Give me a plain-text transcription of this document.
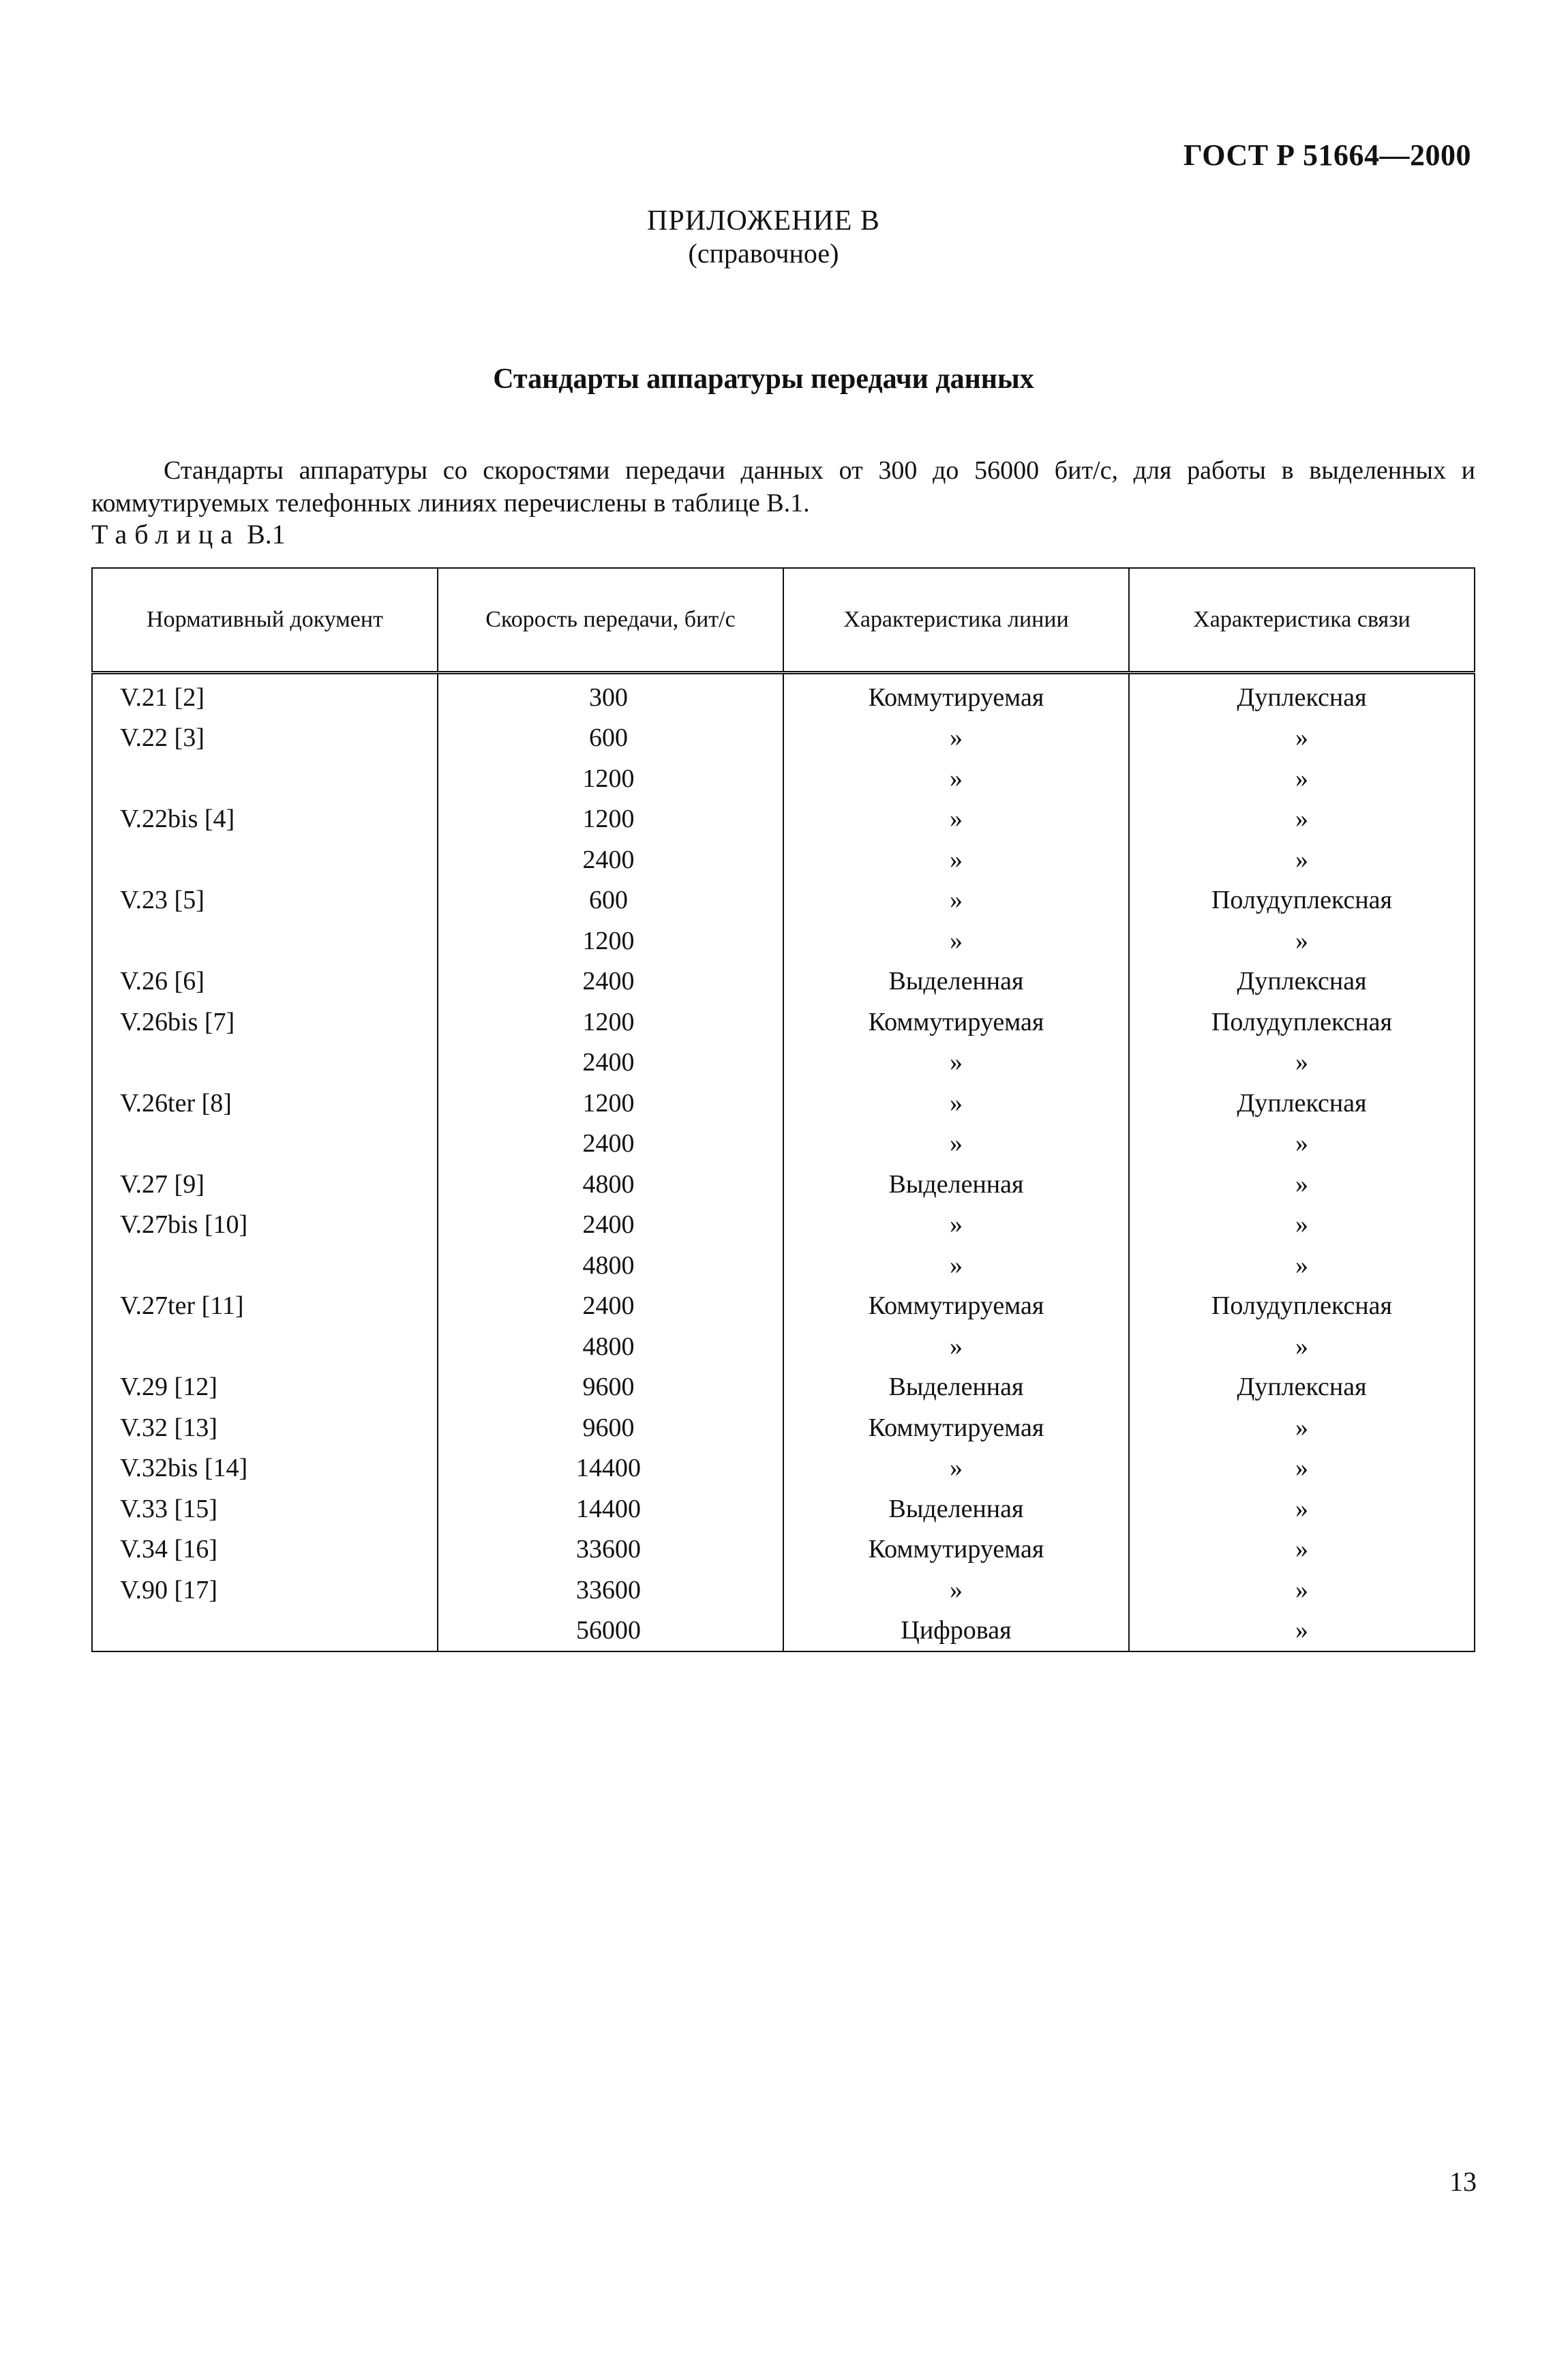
ГОСТ Р 51664—2000
ПРИЛОЖЕНИЕ В
(справочное)
Стандарты аппаратуры передачи данных

Стандарты аппаратуры со скоростями передачи данных от 300 до 56000 бит/с, для работы в выделенных и коммутируемых телефонных линиях перечислены в таблице В.1.

Таблица В.1
Нормативный документ	Скорость передачи, бит/с	Характеристика линии	Характеристика связи
V.21 [2]	300	Коммутируемая	Дуплексная
V.22 [3]	600	»	»
	1200	»	»
V.22bis [4]	1200	»	»
	2400	»	»
V.23 [5]	600	»	Полудуплексная
	1200	»	»
V.26 [6]	2400	Выделенная	Дуплексная
V.26bis [7]	1200	Коммутируемая	Полудуплексная
	2400	»	»
V.26ter [8]	1200	»	Дуплексная
	2400	»	»
V.27 [9]	4800	Выделенная	»
V.27bis [10]	2400	»	»
	4800	»	»
V.27ter [11]	2400	Коммутируемая	Полудуплексная
	4800	»	»
V.29 [12]	9600	Выделенная	Дуплексная
V.32 [13]	9600	Коммутируемая	»
V.32bis [14]	14400	»	»
V.33 [15]	14400	Выделенная	»
V.34 [16]	33600	Коммутируемая	»
V.90 [17]	33600	»	»
	56000	Цифровая	»
13
